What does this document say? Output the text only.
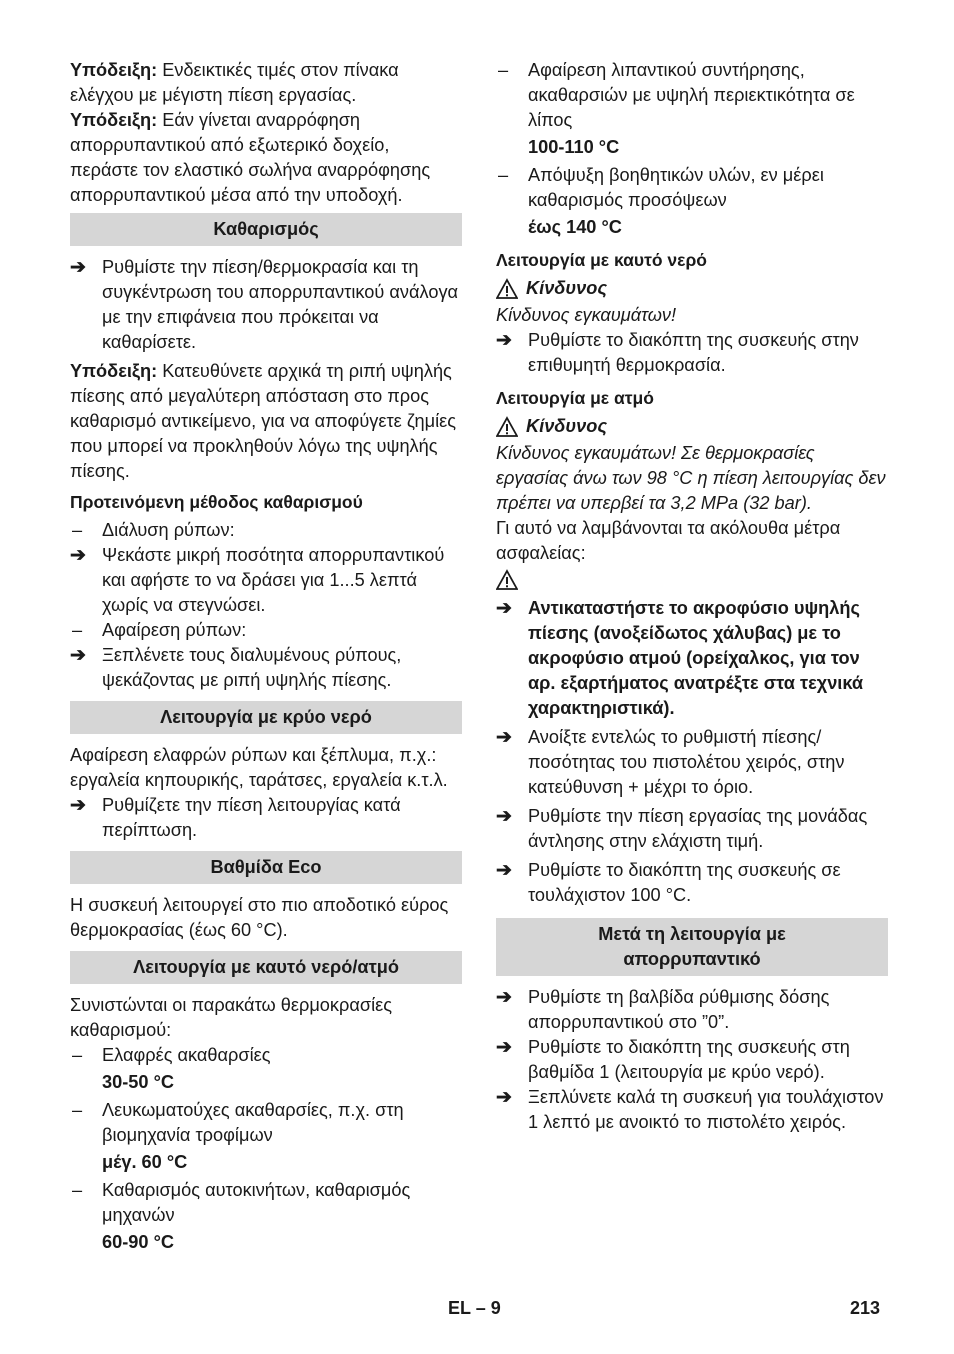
Υπόδειξη: Ενδεικτικές τιμές στον πίνακα ελέγχου με μέγιστη πίεση εργασίας.

Υπόδειξη: Εάν γίνεται αναρρόφηση απορρυπαντικού από εξωτερικό δοχείο, περάστε τον ελαστικό σωλήνα αναρρόφησης απορρυπαντικού μέσα από την υποδοχή.

Καθαρισμός
➔ Ρυθμίστε την πίεση/θερμοκρασία και τη συγκέντρωση του απορρυπαντικού ανάλογα με την επιφάνεια που πρόκειται να καθαρίσετε.

Υπόδειξη: Κατευθύνετε αρχικά τη ριπή υψηλής πίεσης από μεγαλύτερη απόσταση στο προς καθαρισμό αντικείμενο, για να αποφύγετε ζημίες που μπορεί να προκληθούν λόγω της υψηλής πίεσης.

Προτεινόμενη μέθοδος καθαρισμού
–	Διάλυση ρύπων:
➔ Ψεκάστε μικρή ποσότητα απορρυπαντικού και αφήστε το να δράσει για 1...5 λεπτά χωρίς να στεγνώσει.
–	Αφαίρεση ρύπων:
➔ Ξεπλένετε τους διαλυμένους ρύπους, ψεκάζοντας με ριπή υψηλής πίεσης.
Λειτουργία με κρύο νερό

Αφαίρεση ελαφρών ρύπων και ξέπλυμα, π.χ.: εργαλεία κηπουρικής, ταράτσες, εργαλεία κ.τ.λ.

➔ Ρυθμίζετε την πίεση λειτουργίας κατά περίπτωση.
Βαθμίδα Eco

Η συσκευή λειτουργεί στο πιο αποδοτικό εύρος θερμοκρασίας (έως 60 °C).

Λειτουργία με καυτό νερό/ατμό

Συνιστώνται οι παρακάτω θερμοκρασίες καθαρισμού:

–	Ελαφρές ακαθαρσίες
30-50 °C
–	Λευκωματούχες ακαθαρσίες, π.χ. στη βιομηχανία τροφίμων
μέγ. 60 °C
–	Καθαρισμός αυτοκινήτων, καθαρισμός μηχανών
60-90 °C
–	Αφαίρεση λιπαντικού συντήρησης, ακαθαρσιών με υψηλή περιεκτικότητα σε λίπος
100-110 °C
–	Απόψυξη βοηθητικών υλών, εν μέρει καθαρισμός προσόψεων
έως 140 °C
Λειτουργία με καυτό νερό
Κίνδυνος

Κίνδυνος εγκαυμάτων!

➔ Ρυθμίστε το διακόπτη της συσκευής στην επιθυμητή θερμοκρασία.
Λειτουργία με ατμό
Κίνδυνος

Κίνδυνος εγκαυμάτων! Σε θερμοκρασίες εργασίας άνω των 98 °C η πίεση λειτουργίας δεν πρέπει να υπερβεί τα 3,2 MPa (32 bar).

Γι αυτό να λαμβάνονται τα ακόλουθα μέτρα ασφαλείας:

➔ Αντικαταστήστε το ακροφύσιο υψηλής πίεσης (ανοξείδωτος χάλυβας) με το ακροφύσιο ατμού (ορείχαλκος, για τον αρ. εξαρτήματος ανατρέξτε στα τεχνικά χαρακτηριστικά).
➔ Ανοίξτε εντελώς το ρυθμιστή πίεσης/ποσότητας του πιστολέτου χειρός, στην κατεύθυνση + μέχρι το όριο.
➔ Ρυθμίστε την πίεση εργασίας της μονάδας άντλησης στην ελάχιστη τιμή.
➔ Ρυθμίστε το διακόπτη της συσκευής σε τουλάχιστον 100 °C.
Μετά τη λειτουργία με
απορρυπαντικό
➔ Ρυθμίστε τη βαλβίδα ρύθμισης δόσης απορρυπαντικού στο ”0”.
➔ Ρυθμίστε το διακόπτη της συσκευής στη βαθμίδα 1 (λειτουργία με κρύο νερό).
➔ Ξεπλύνετε καλά τη συσκευή για τουλάχιστον 1 λεπτό με ανοικτό το πιστολέτο χειρός.
EL – 9	213
